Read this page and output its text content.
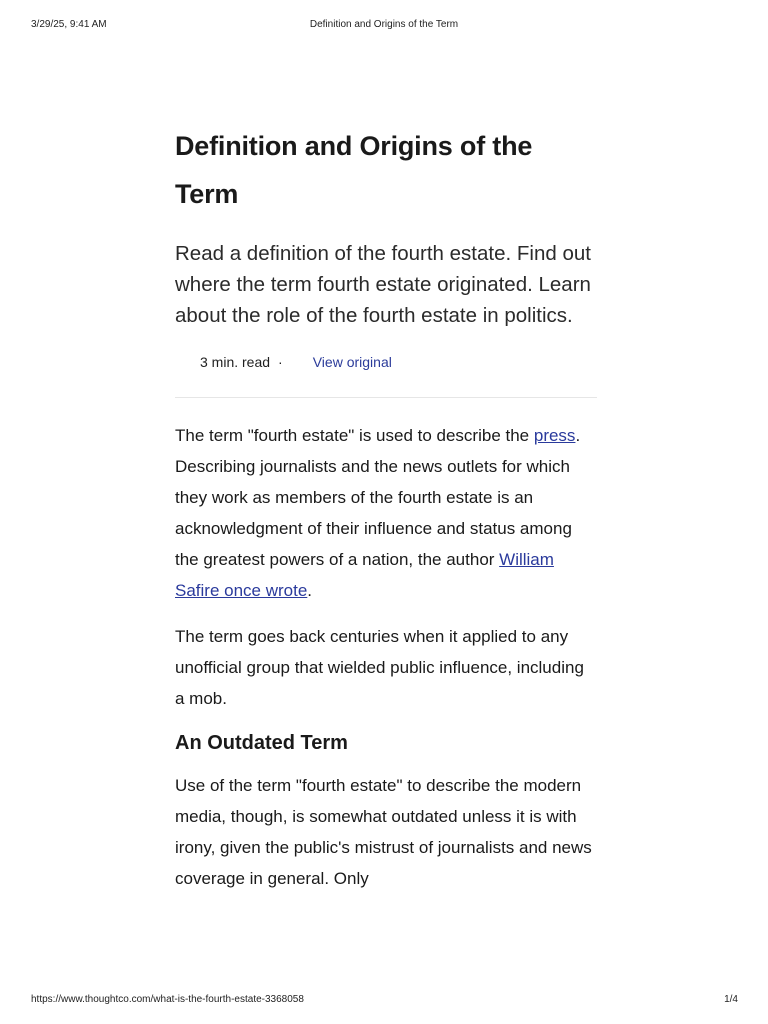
3/29/25, 9:41 AM	Definition and Origins of the Term
Definition and Origins of the Term

Read a definition of the fourth estate. Find out where the term fourth estate originated. Learn about the role of the fourth estate in politics.

3 min. read · View original

The term "fourth estate" is used to describe the press. Describing journalists and the news outlets for which they work as members of the fourth estate is an acknowledgment of their influence and status among the greatest powers of a nation, the author William Safire once wrote.

The term goes back centuries when it applied to any unofficial group that wielded public influence, including a mob.

An Outdated Term

Use of the term "fourth estate" to describe the modern media, though, is somewhat outdated unless it is with irony, given the public's mistrust of journalists and news coverage in general. Only

https://www.thoughtco.com/what-is-the-fourth-estate-3368058	1/4
